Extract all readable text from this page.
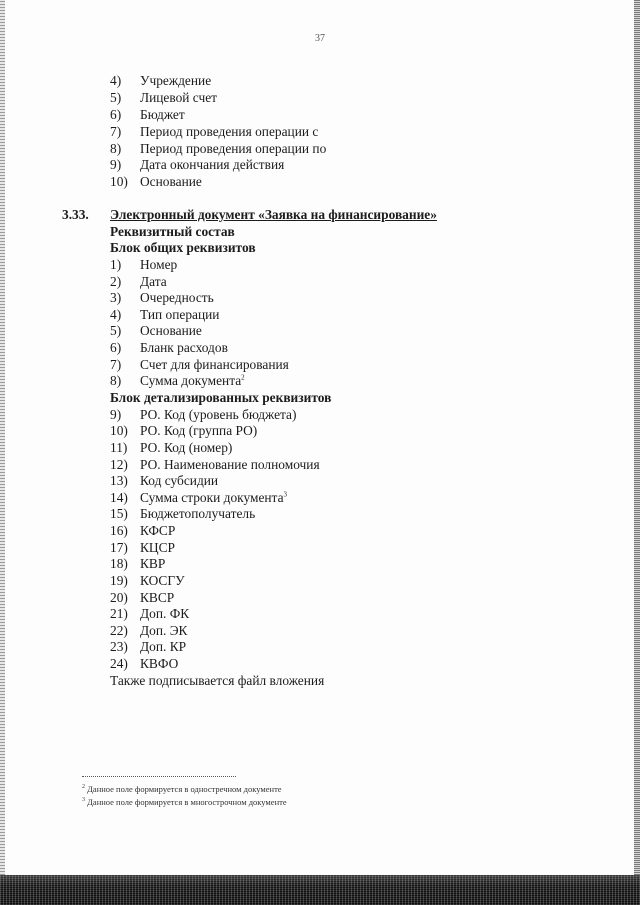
37
4)	Учреждение
5)	Лицевой счет
6)	Бюджет
7)	Период проведения операции с
8)	Период проведения операции по
9)	Дата окончания действия
10) Основание
3.33. Электронный документ «Заявка на финансирование»
Реквизитный состав
Блок общих реквизитов
1)	Номер
2)	Дата
3)	Очередность
4)	Тип операции
5)	Основание
6)	Бланк расходов
7)	Счет для финансирования
8)	Сумма документа$^2$
Блок детализированных реквизитов
9)	РО. Код (уровень бюджета)
10) РО. Код (группа РО)
11) РО. Код (номер)
12) РО. Наименование полномочия
13) Код субсидии
14) Сумма строки документа$^3$
15) Бюджетополучатель
16) КФСР
17) КЦСР
18) КВР
19) КОСГУ
20) КВСР
21) Доп. ФК
22) Доп. ЭК
23) Доп. КР
24) КВФО
Также подписывается файл вложения
$^2$ Данное поле формируется в одностречном документе
$^3$ Данное поле формируется в многострочном документе
